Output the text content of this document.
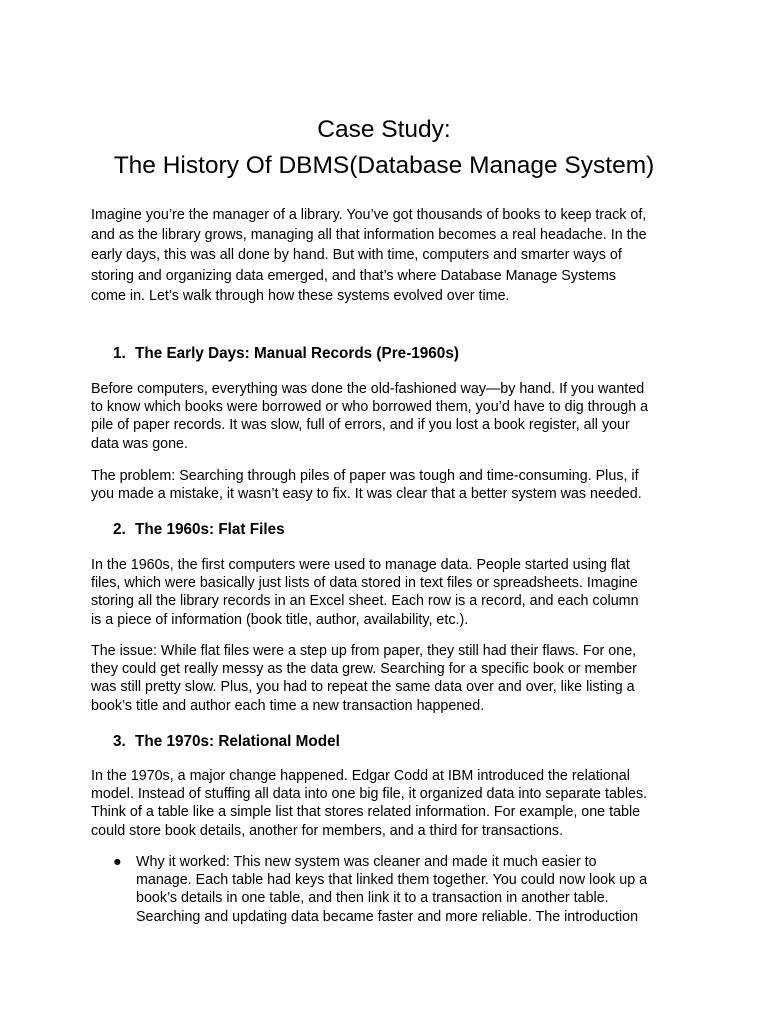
Case Study:
The History Of DBMS(Database Manage System)

Imagine you’re the manager of a library. You’ve got thousands of books to keep track of,
and as the library grows, managing all that information becomes a real headache. In the
early days, this was all done by hand. But with time, computers and smarter ways of
storing and organizing data emerged, and that’s where Database Manage Systems
come in. Let’s walk through how these systems evolved over time.

1. The Early Days: Manual Records (Pre-1960s)

Before computers, everything was done the old-fashioned way—by hand. If you wanted
to know which books were borrowed or who borrowed them, you’d have to dig through a
pile of paper records. It was slow, full of errors, and if you lost a book register, all your
data was gone.

The problem: Searching through piles of paper was tough and time-consuming. Plus, if
you made a mistake, it wasn’t easy to fix. It was clear that a better system was needed.

2. The 1960s: Flat Files

In the 1960s, the first computers were used to manage data. People started using flat
files, which were basically just lists of data stored in text files or spreadsheets. Imagine
storing all the library records in an Excel sheet. Each row is a record, and each column
is a piece of information (book title, author, availability, etc.).

The issue: While flat files were a step up from paper, they still had their flaws. For one,
they could get really messy as the data grew. Searching for a specific book or member
was still pretty slow. Plus, you had to repeat the same data over and over, like listing a
book’s title and author each time a new transaction happened.

3. The 1970s: Relational Model

In the 1970s, a major change happened. Edgar Codd at IBM introduced the relational
model. Instead of stuffing all data into one big file, it organized data into separate tables.
Think of a table like a simple list that stores related information. For example, one table
could store book details, another for members, and a third for transactions.

●	Why it worked: This new system was cleaner and made it much easier to
manage. Each table had keys that linked them together. You could now look up a
book’s details in one table, and then link it to a transaction in another table.
Searching and updating data became faster and more reliable. The introduction
